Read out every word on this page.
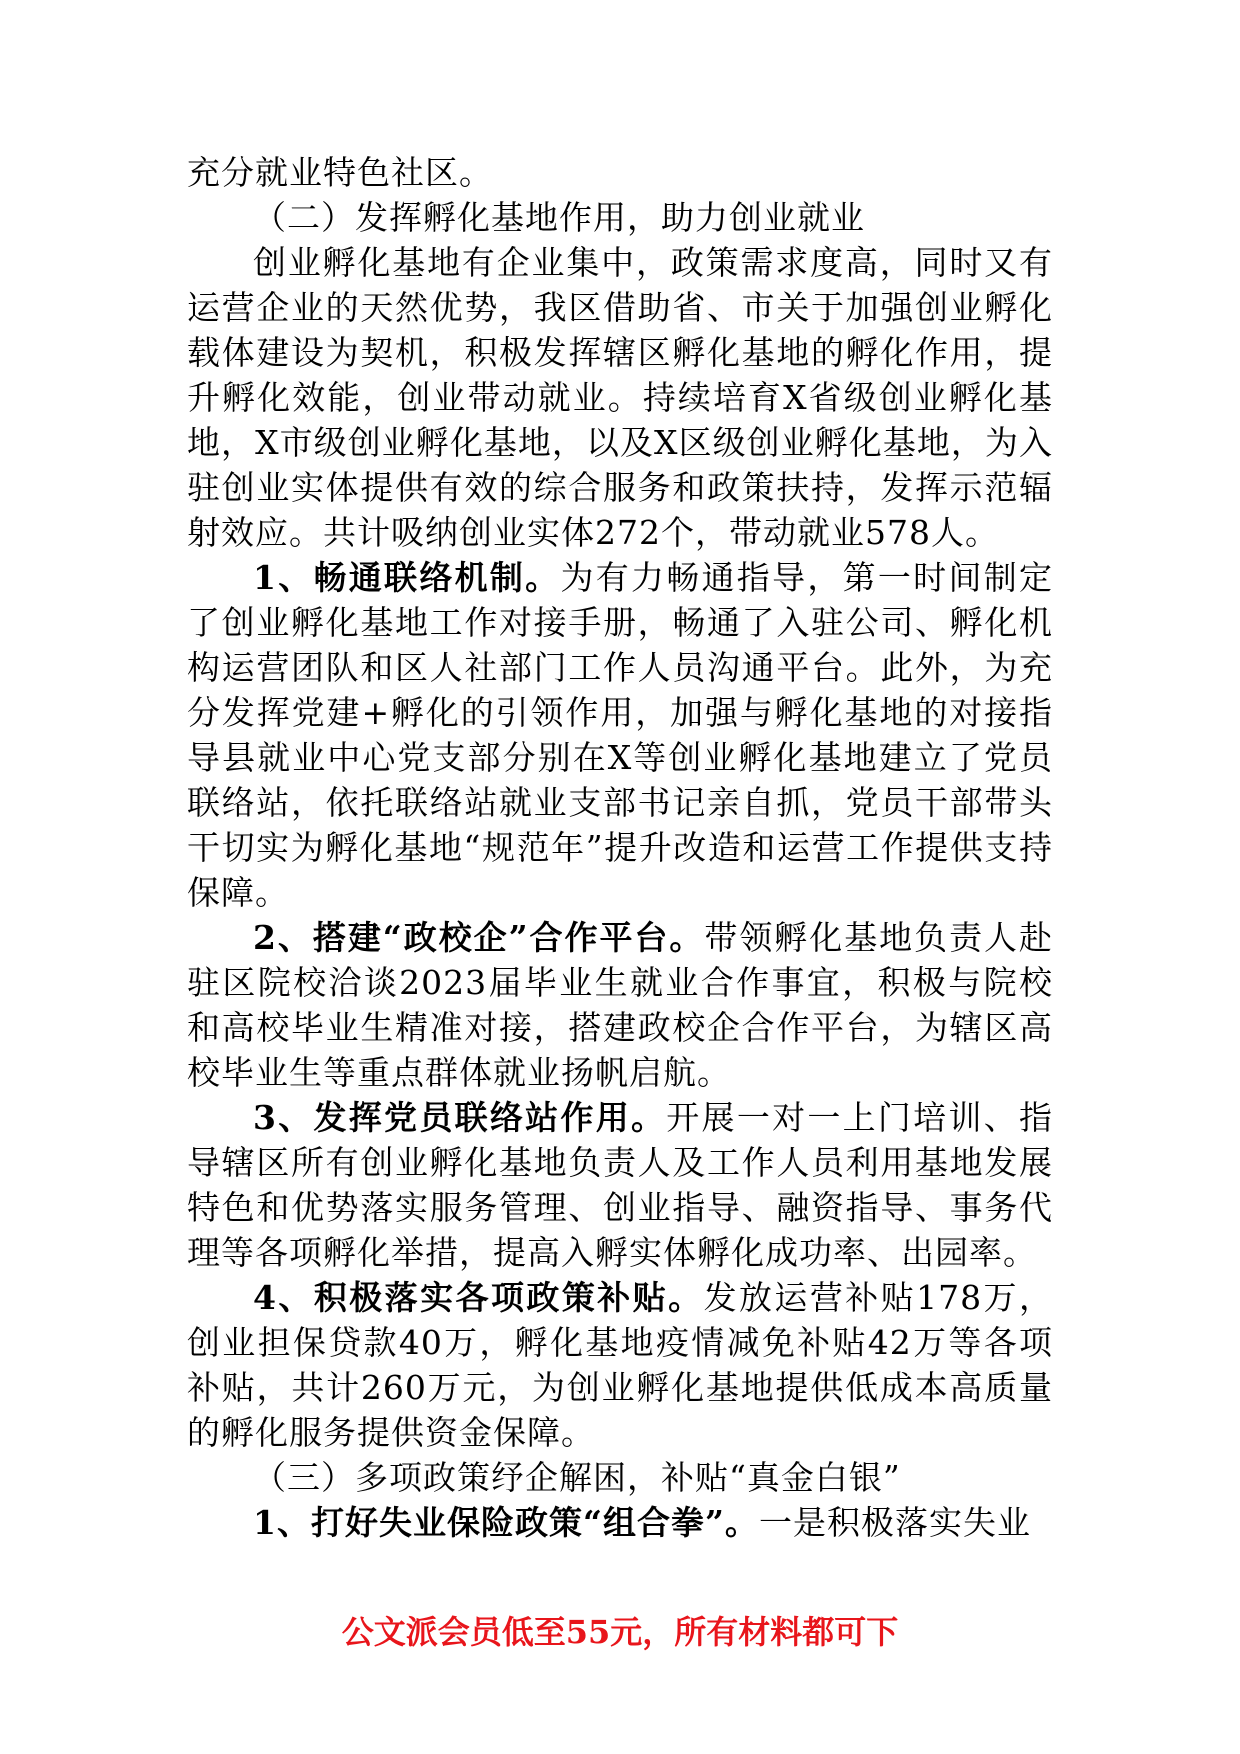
充分就业特色社区。

（二）发挥孵化基地作用，助力创业就业

创业孵化基地有企业集中，政策需求度高，同时又有运营企业的天然优势，我区借助省、市关于加强创业孵化载体建设为契机，积极发挥辖区孵化基地的孵化作用，提升孵化效能，创业带动就业。持续培育X省级创业孵化基地，X市级创业孵化基地，以及X区级创业孵化基地，为入驻创业实体提供有效的综合服务和政策扶持，发挥示范辐射效应。共计吸纳创业实体272个，带动就业578人。

1、畅通联络机制。为有力畅通指导，第一时间制定了创业孵化基地工作对接手册，畅通了入驻公司、孵化机构运营团队和区人社部门工作人员沟通平台。此外，为充分发挥党建+孵化的引领作用，加强与孵化基地的对接指导县就业中心党支部分别在X等创业孵化基地建立了党员联络站，依托联络站就业支部书记亲自抓，党员干部带头干切实为孵化基地“规范年”提升改造和运营工作提供支持保障。

2、搭建“政校企”合作平台。带领孵化基地负责人赴驻区院校洽谈2023届毕业生就业合作事宜，积极与院校和高校毕业生精准对接，搭建政校企合作平台，为辖区高校毕业生等重点群体就业扬帆启航。

3、发挥党员联络站作用。开展一对一上门培训、指导辖区所有创业孵化基地负责人及工作人员利用基地发展特色和优势落实服务管理、创业指导、融资指导、事务代理等各项孵化举措，提高入孵实体孵化成功率、出园率。

4、积极落实各项政策补贴。发放运营补贴178万，创业担保贷款40万，孵化基地疫情减免补贴42万等各项补贴，共计260万元，为创业孵化基地提供低成本高质量的孵化服务提供资金保障。

（三）多项政策纾企解困，补贴“真金白银”

1、打好失业保险政策“组合拳”。一是积极落实失业

公文派会员低至55元，所有材料都可下
